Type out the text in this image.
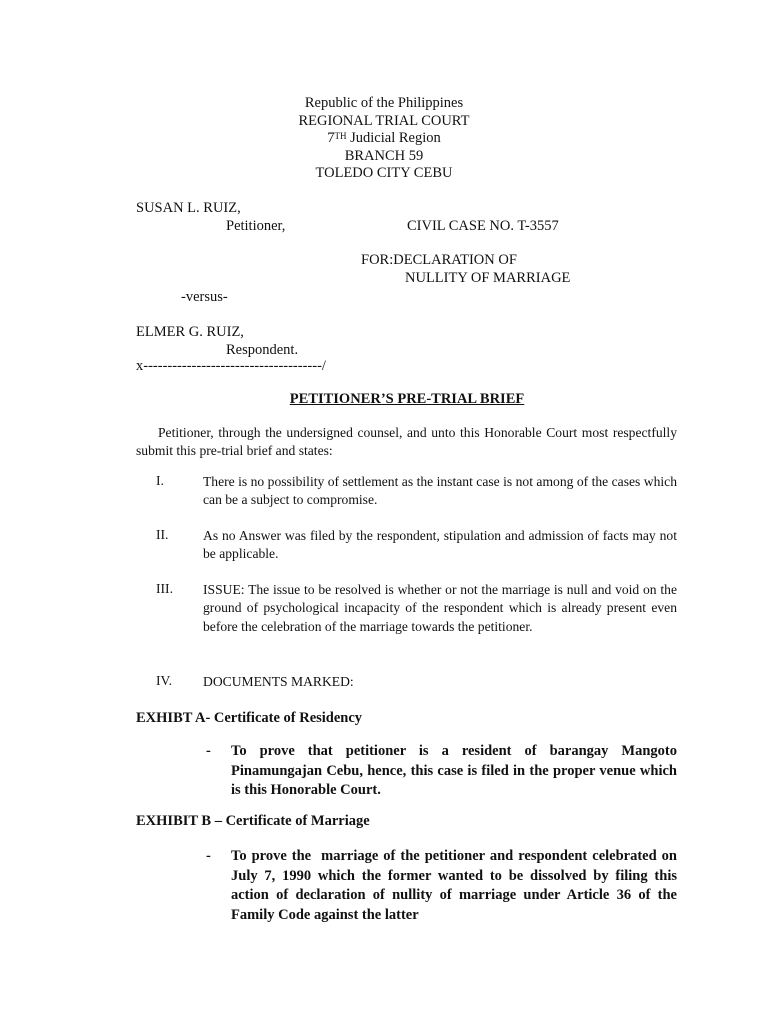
Republic of the Philippines
REGIONAL TRIAL COURT
7TH Judicial Region
BRANCH 59
TOLEDO CITY CEBU
SUSAN L. RUIZ,
Petitioner,	CIVIL CASE NO. T-3557
FOR:DECLARATION OF
NULLITY OF MARRIAGE
-versus-
ELMER G. RUIZ,
Respondent.
x-------------------------------------/
PETITIONER’S PRE-TRIAL BRIEF
Petitioner, through the undersigned counsel, and unto this Honorable Court most respectfully submit this pre-trial brief and states:
I.	There is no possibility of settlement as the instant case is not among of the cases which can be a subject to compromise.
II.	As no Answer was filed by the respondent, stipulation and admission of facts may not be applicable.
III. ISSUE: The issue to be resolved is whether or not the marriage is null and void on the ground of psychological incapacity of the respondent which is already present even before the celebration of the marriage towards the petitioner.
IV. DOCUMENTS MARKED:
EXHIBT A- Certificate of Residency
- To prove that petitioner is a resident of barangay Mangoto Pinamungajan Cebu, hence, this case is filed in the proper venue which is this Honorable Court.
EXHIBIT B – Certificate of Marriage
- To prove the  marriage of the petitioner and respondent celebrated on July 7, 1990 which the former wanted to be dissolved by filing this action of declaration of nullity of marriage under Article 36 of the Family Code against the latter
